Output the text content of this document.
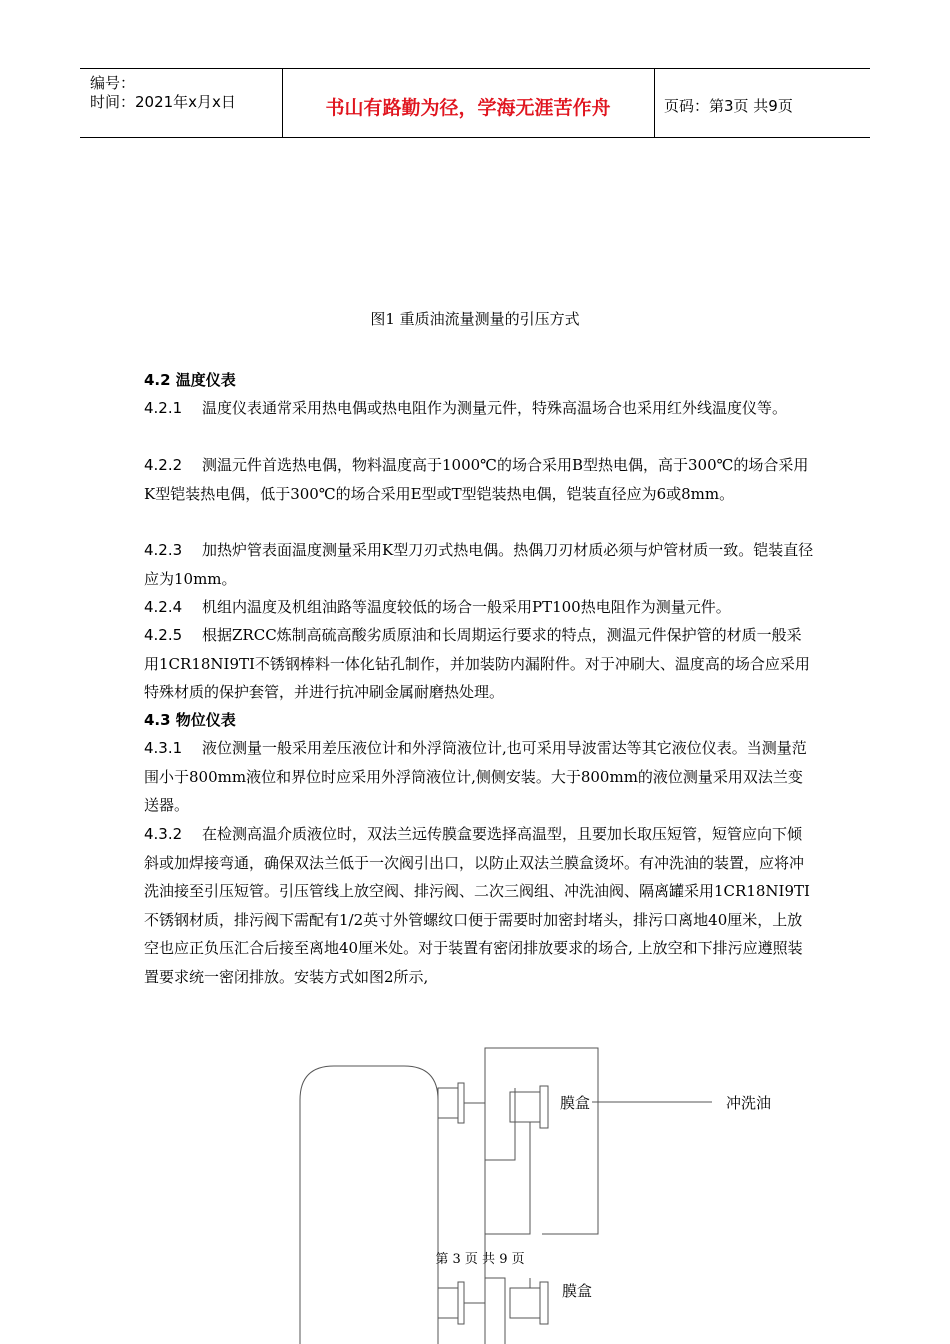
编号：
时间：2021年x月x日	书山有路勤为径，学海无涯苦作舟	页码：第3页 共9页
图1 重质油流量测量的引压方式
4.2 温度仪表
4.2.1 温度仪表通常采用热电偶或热电阻作为测量元件，特殊高温场合也采用红外线温度仪等。
4.2.2 测温元件首选热电偶，物料温度高于1000℃的场合采用B型热电偶，高于300℃的场合采用K型铠装热电偶，低于300℃的场合采用E型或T型铠装热电偶，铠装直径应为6或8mm。
4.2.3 加热炉管表面温度测量采用K型刀刃式热电偶。热偶刀刃材质必须与炉管材质一致。铠装直径应为10mm。
4.2.4 机组内温度及机组油路等温度较低的场合一般采用PT100热电阻作为测量元件。
4.2.5 根据ZRCC炼制高硫高酸劣质原油和长周期运行要求的特点，测温元件保护管的材质一般采用1CR18NI9TI不锈钢棒料一体化钻孔制作，并加装防内漏附件。对于冲刷大、温度高的场合应采用特殊材质的保护套管，并进行抗冲刷金属耐磨热处理。
4.3 物位仪表
4.3.1 液位测量一般采用差压液位计和外浮筒液位计,也可采用导波雷达等其它液位仪表。当测量范围小于800mm液位和界位时应采用外浮筒液位计,侧侧安装。大于800mm的液位测量采用双法兰变送器。
4.3.2 在检测高温介质液位时，双法兰远传膜盒要选择高温型，且要加长取压短管，短管应向下倾斜或加焊接弯通，确保双法兰低于一次阀引出口，以防止双法兰膜盒烫坏。有冲洗油的装置，应将冲洗油接至引压短管。引压管线上放空阀、排污阀、二次三阀组、冲洗油阀、隔离罐采用1CR18NI9TI不锈钢材质，排污阀下需配有1/2英寸外管螺纹口便于需要时加密封堵头，排污口离地40厘米，上放空也应正负压汇合后接至离地40厘米处。对于装置有密闭排放要求的场合, 上放空和下排污应遵照装置要求统一密闭排放。安装方式如图2所示,
膜盒	冲洗油
膜盒
第 3 页 共 9 页
